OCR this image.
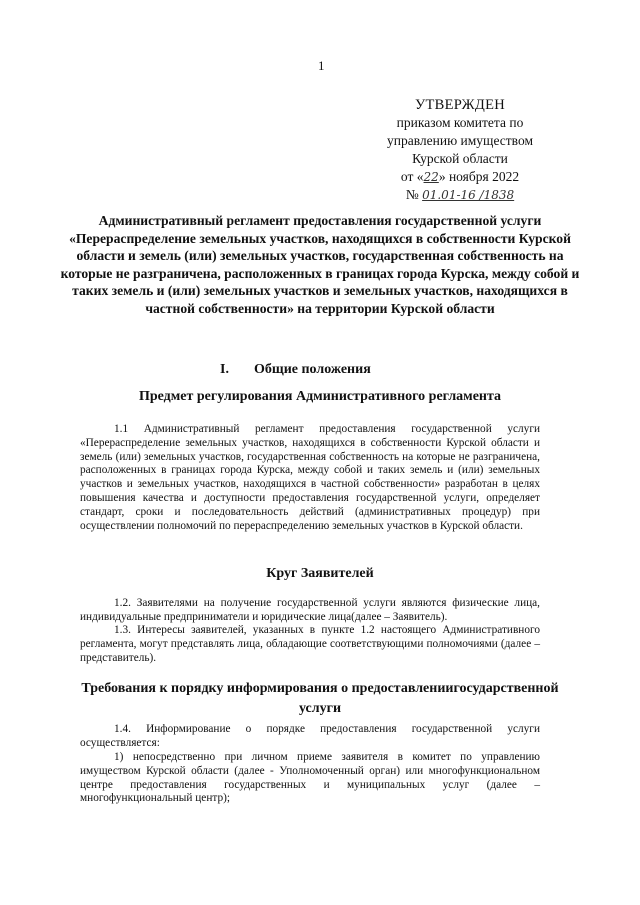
1
УТВЕРЖДЕН
приказом комитета по
управлению имуществом
Курской области
от «22» ноября 2022
№ 01.01-16 /1838
Административный регламент предоставления государственной услуги «Перераспределение земельных участков, находящихся в собственности Курской области и земель (или) земельных участков, государственная собственность на которые не разграничена, расположенных в границах города Курска, между собой и таких земель и (или) земельных участков и земельных участков, находящихся в частной собственности» на территории Курской области
I. Общие положения
Предмет регулирования Административного регламента
1.1 Административный регламент предоставления государственной услуги «Перераспределение земельных участков, находящихся в собственности Курской области и земель (или) земельных участков, государственная собственность на которые не разграничена, расположенных в границах города Курска, между собой и таких земель и (или) земельных участков и земельных участков, находящихся в частной собственности» разработан в целях повышения качества и доступности предоставления государственной услуги, определяет стандарт, сроки и последовательность действий (административных процедур) при осуществлении полномочий по перераспределению земельных участков в Курской области.
Круг Заявителей
1.2. Заявителями на получение государственной услуги являются физические лица, индивидуальные предприниматели и юридические лица(далее – Заявитель).
1.3. Интересы заявителей, указанных в пункте 1.2 настоящего Административного регламента, могут представлять лица, обладающие соответствующими полномочиями (далее – представитель).
Требования к порядку информирования о предоставлениигосударственной услуги
1.4. Информирование о порядке предоставления государственной услуги осуществляется:
1) непосредственно при личном приеме заявителя в комитет по управлению имуществом Курской области (далее - Уполномоченный орган) или многофункциональном центре предоставления государственных и муниципальных услуг (далее – многофункциональный центр);
